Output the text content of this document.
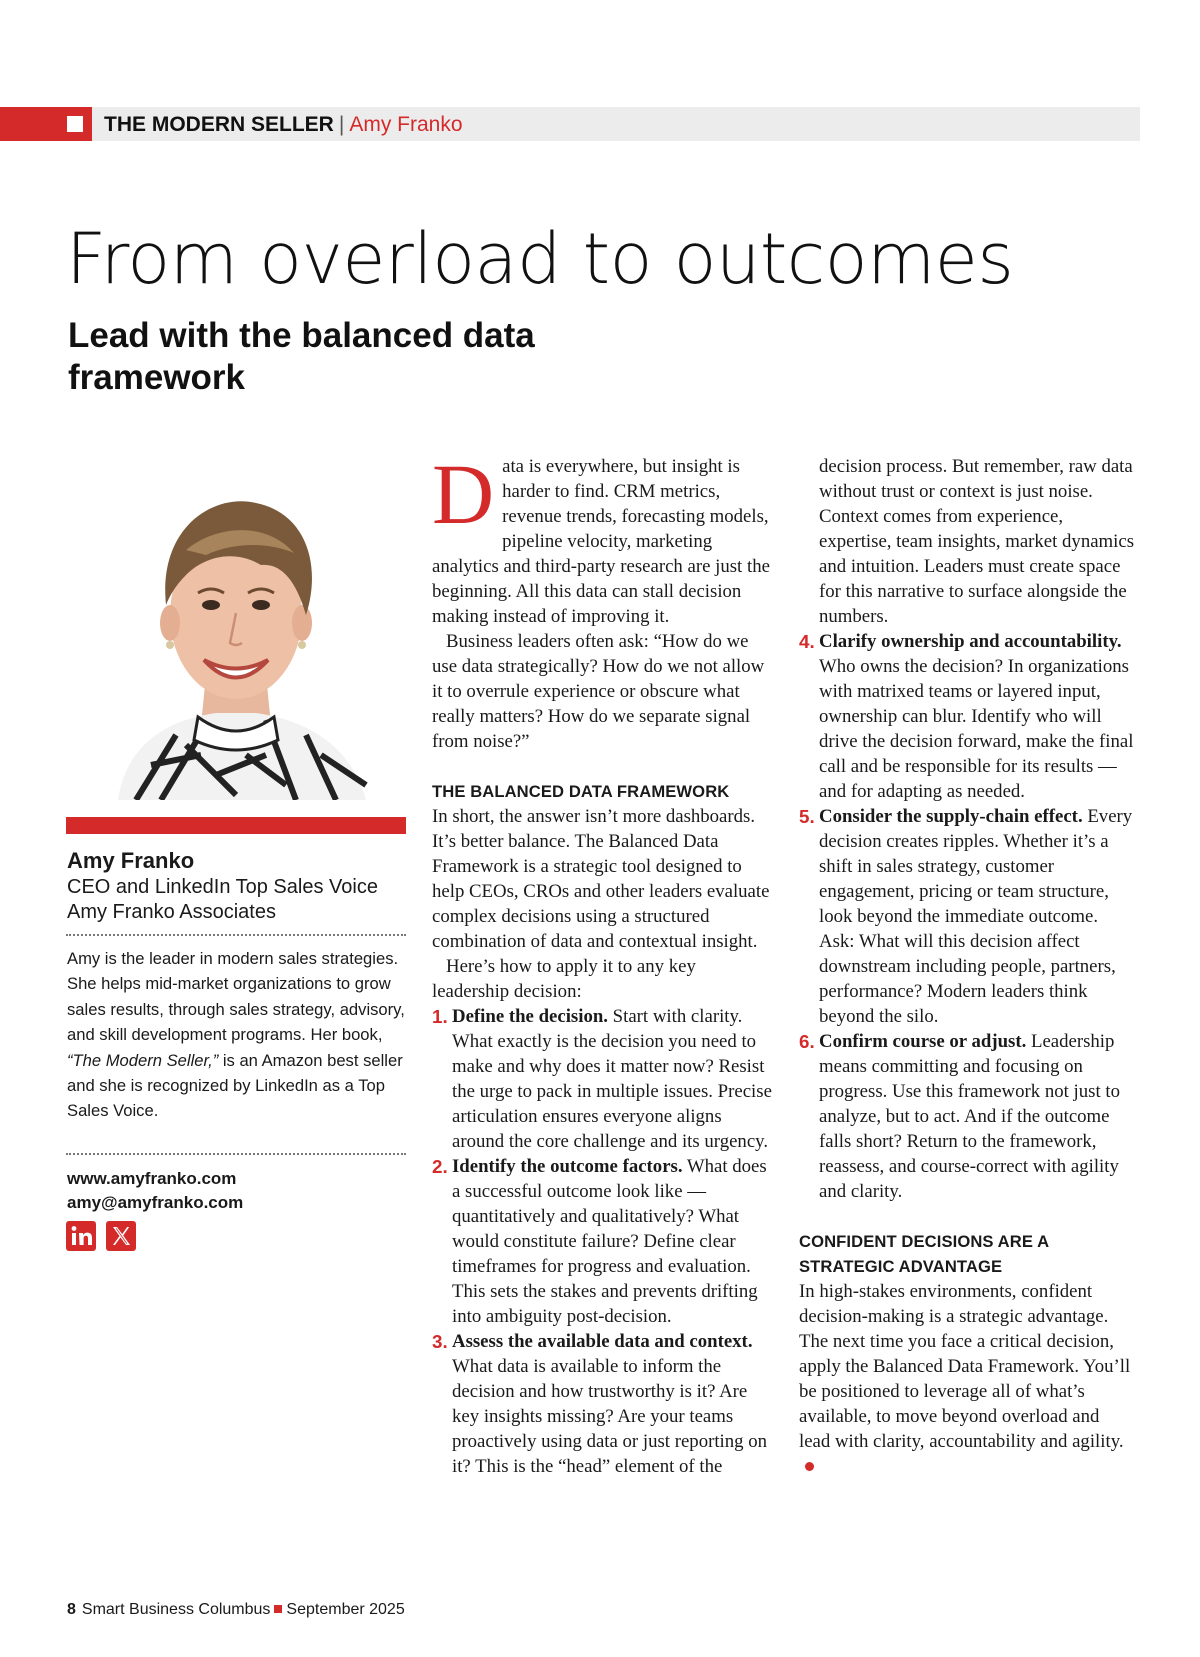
THE MODERN SELLER | Amy Franko
From overload to outcomes
Lead with the balanced data framework
Amy Franko
CEO and LinkedIn Top Sales Voice
Amy Franko Associates
Amy is the leader in modern sales strategies. She helps mid-market organizations to grow sales results, through sales strategy, advisory, and skill development programs. Her book, “The Modern Seller,” is an Amazon best seller and she is recognized by LinkedIn as a Top Sales Voice.
www.amyfranko.com
amy@amyfranko.com

Data is everywhere, but insight is harder to find. CRM metrics, revenue trends, forecasting models, pipeline velocity, marketing analytics and third-party research are just the beginning. All this data can stall decision making instead of improving it.

Business leaders often ask: “How do we use data strategically? How do we not allow it to overrule experience or obscure what really matters? How do we separate signal from noise?”

THE BALANCED DATA FRAMEWORK

In short, the answer isn’t more dashboards. It’s better balance. The Balanced Data Framework is a strategic tool designed to help CEOs, CROs and other leaders evaluate complex decisions using a structured combination of data and contextual insight.

Here’s how to apply it to any key leadership decision:

1. Define the decision. Start with clarity. What exactly is the decision you need to make and why does it matter now? Resist the urge to pack in multiple issues. Precise articulation ensures everyone aligns around the core challenge and its urgency.

2. Identify the outcome factors. What does a successful outcome look like — quantitatively and qualitatively? What would constitute failure? Define clear timeframes for progress and evaluation. This sets the stakes and prevents drifting into ambiguity post-decision.

3. Assess the available data and context. What data is available to inform the decision and how trustworthy is it? Are key insights missing? Are your teams proactively using data or just reporting on it? This is the “head” element of the

decision process. But remember, raw data without trust or context is just noise. Context comes from experience, expertise, team insights, market dynamics and intuition. Leaders must create space for this narrative to surface alongside the numbers.

4. Clarify ownership and accountability. Who owns the decision? In organizations with matrixed teams or layered input, ownership can blur. Identify who will drive the decision forward, make the final call and be responsible for its results — and for adapting as needed.

5. Consider the supply-chain effect. Every decision creates ripples. Whether it’s a shift in sales strategy, customer engagement, pricing or team structure, look beyond the immediate outcome. Ask: What will this decision affect downstream including people, partners, performance? Modern leaders think beyond the silo.

6. Confirm course or adjust. Leadership means committing and focusing on progress. Use this framework not just to analyze, but to act. And if the outcome falls short? Return to the framework, reassess, and course-correct with agility and clarity.

CONFIDENT DECISIONS ARE A STRATEGIC ADVANTAGE

In high-stakes environments, confident decision-making is a strategic advantage. The next time you face a critical decision, apply the Balanced Data Framework. You’ll be positioned to leverage all of what’s available, to move beyond overload and lead with clarity, accountability and agility.

8 Smart Business Columbus September 2025
